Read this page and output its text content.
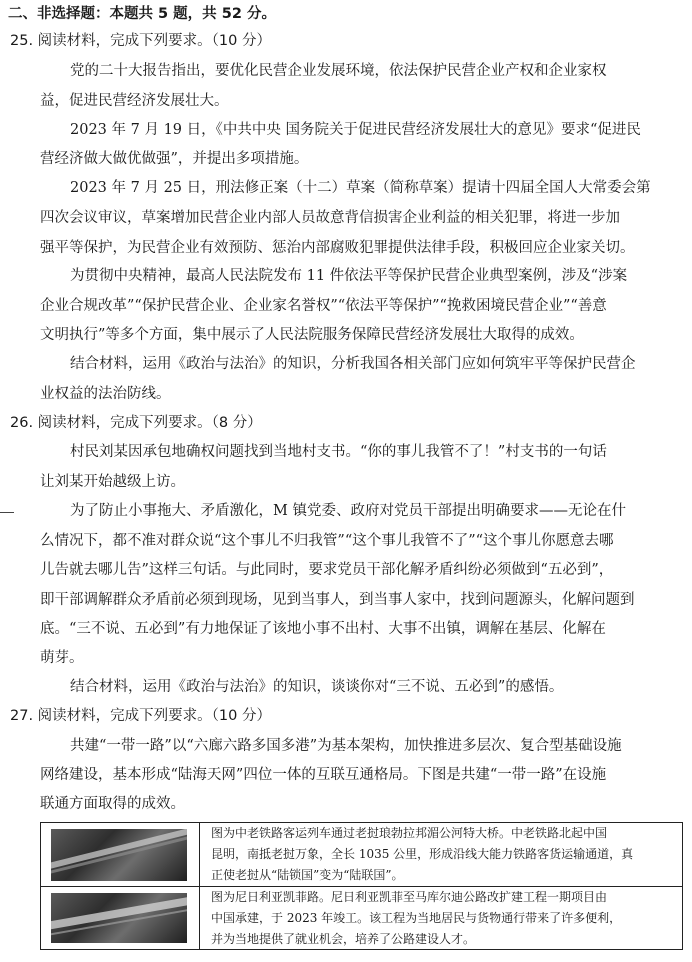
二、非选择题：本题共 5 题，共 52 分。
25. 阅读材料，完成下列要求。（10 分）
党的二十大报告指出，要优化民营企业发展环境，依法保护民营企业产权和企业家权
益，促进民营经济发展壮大。
2023 年 7 月 19 日，《中共中央 国务院关于促进民营经济发展壮大的意见》要求“促进民
营经济做大做优做强”，并提出多项措施。
2023 年 7 月 25 日，刑法修正案（十二）草案（简称草案）提请十四届全国人大常委会第
四次会议审议，草案增加民营企业内部人员故意背信损害企业利益的相关犯罪，将进一步加
强平等保护，为民营企业有效预防、惩治内部腐败犯罪提供法律手段，积极回应企业家关切。
为贯彻中央精神，最高人民法院发布 11 件依法平等保护民营企业典型案例，涉及“涉案
企业合规改革”“保护民营企业、企业家名誉权”“依法平等保护”“挽救困境民营企业”“善意
文明执行”等多个方面，集中展示了人民法院服务保障民营经济发展壮大取得的成效。
结合材料，运用《政治与法治》的知识，分析我国各相关部门应如何筑牢平等保护民营企
业权益的法治防线。
26. 阅读材料，完成下列要求。（8 分）
村民刘某因承包地确权问题找到当地村支书。“你的事儿我管不了！”村支书的一句话
让刘某开始越级上访。
为了防止小事拖大、矛盾激化，M 镇党委、政府对党员干部提出明确要求——无论在什
么情况下，都不准对群众说“这个事儿不归我管”“这个事儿我管不了”“这个事儿你愿意去哪
儿告就去哪儿告”这样三句话。与此同时，要求党员干部化解矛盾纠纷必须做到“五必到”，
即干部调解群众矛盾前必须到现场，见到当事人，到当事人家中，找到问题源头，化解问题到
底。“三不说、五必到”有力地保证了该地小事不出村、大事不出镇，调解在基层、化解在
萌芽。
结合材料，运用《政治与法治》的知识，谈谈你对“三不说、五必到”的感悟。
27. 阅读材料，完成下列要求。（10 分）
共建“一带一路”以“六廊六路多国多港”为基本架构，加快推进多层次、复合型基础设施
网络建设，基本形成“陆海天网”四位一体的互联互通格局。下图是共建“一带一路”在设施
联通方面取得的成效。
图为中老铁路客运列车通过老挝琅勃拉邦湄公河特大桥。中老铁路北起中国
昆明，南抵老挝万象，全长 1035 公里，形成沿线大能力铁路客货运输通道，真
正使老挝从“陆锁国”变为“陆联国”。
图为尼日利亚凯菲路。尼日利亚凯菲至马库尔迪公路改扩建工程一期项目由
中国承建，于 2023 年竣工。该工程为当地居民与货物通行带来了许多便利，
并为当地提供了就业机会，培养了公路建设人才。
